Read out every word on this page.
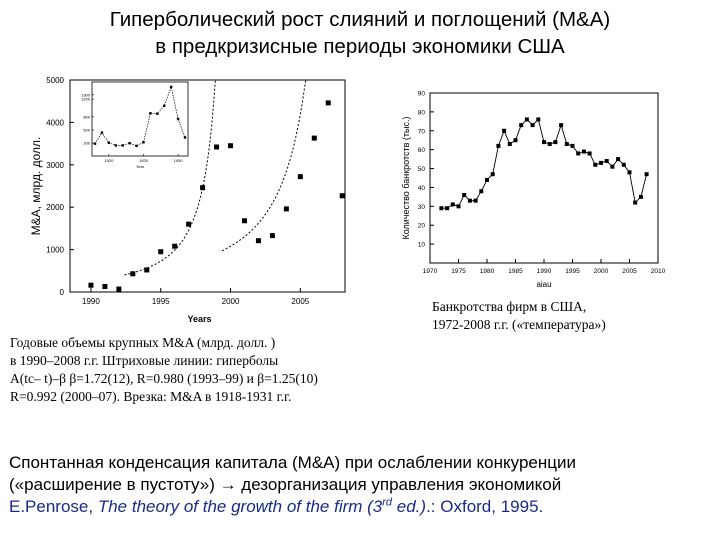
Гиперболический рост слияний и поглощений (M&A)
в предкризисные периоды экономики США
0
1000
2000
3000
4000
5000
1990	1995	2000	2005
Years
M&A, млрд. долл.	200
500
800
1200
1300
1920	1925	1930
Year
10
20
30
40
50
60
70
80
90
1970 1975 1980 1985 1990 1995 2000 2005 2010
aiau
Количество банкротств (тыс.)
Годовые объемы крупных M&A (млрд. долл. )
в 1990–2008 г.г. Штриховые линии: гиперболы
A(tc– t)–β β=1.72(12), R=0.980 (1993–99) и β=1.25(10)
R=0.992 (2000–07). Врезка: M&A в 1918-1931 г.г.
Банкротства фирм в США,
1972-2008 г.г. («температура»)
Спонтанная конденсация капитала (M&A) при ослаблении конкуренции
(«расширение в пустоту») → дезорганизация управления экономикой
E.Penrose, The theory of the growth of the firm (3rd ed.).: Oxford, 1995.
